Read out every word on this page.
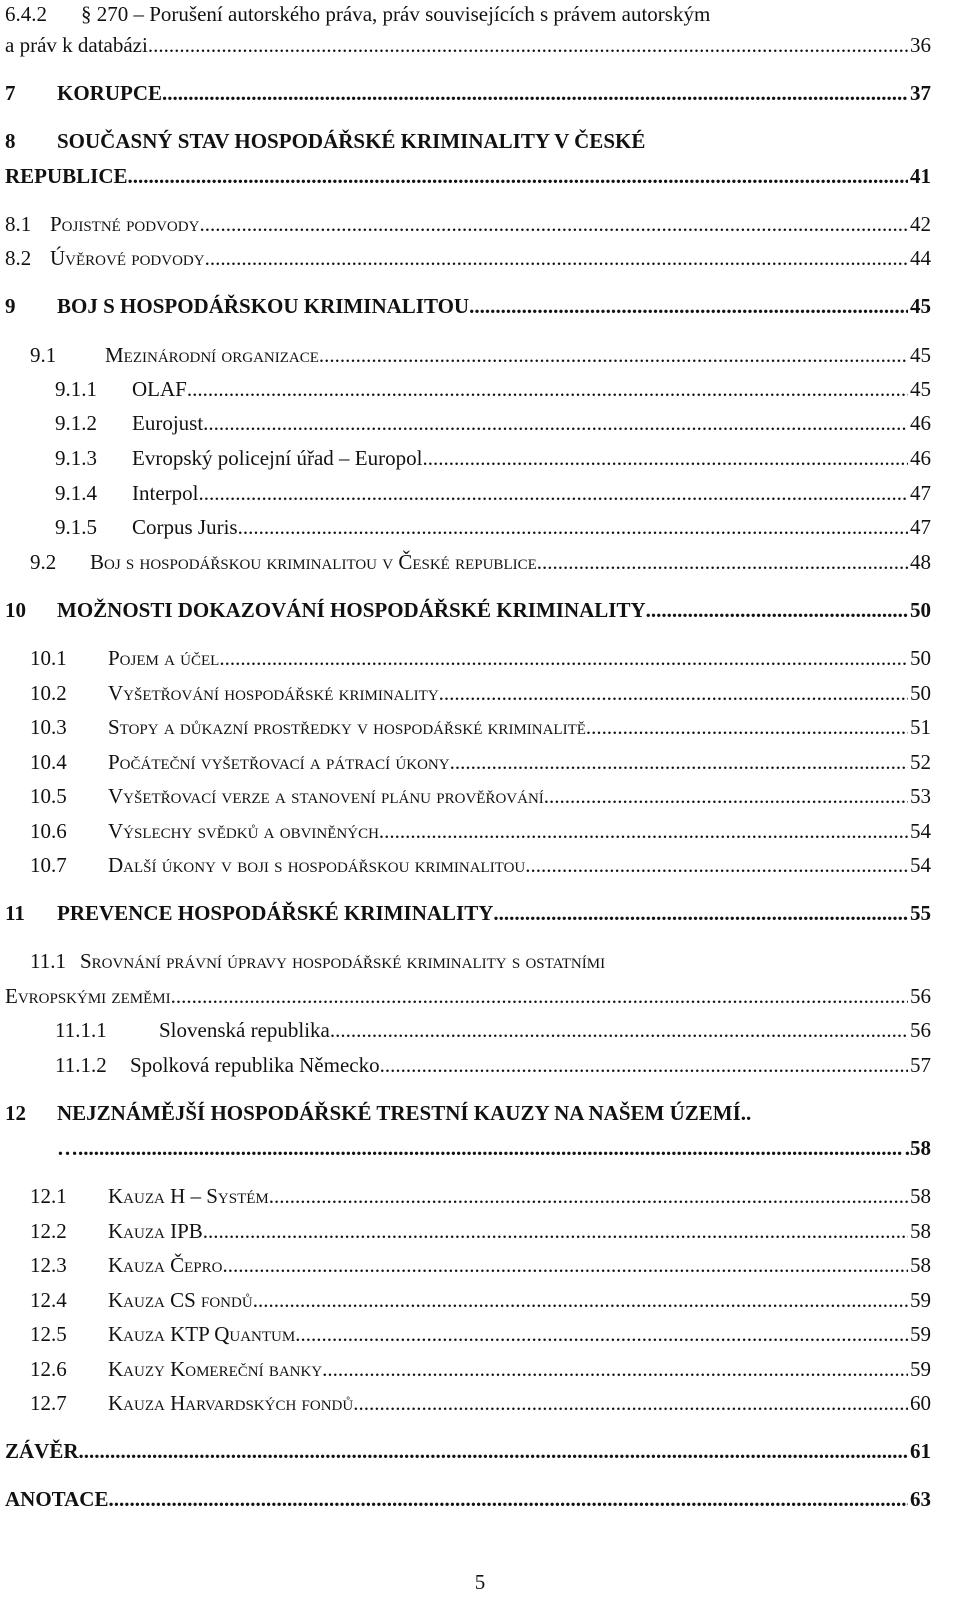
6.4.2	§ 270 – Porušení autorského práva, práv souvisejících s právem autorským
a práv k databázi .....	36
7	KORUPCE .....	37
8	SOUČASNÝ STAV HOSPODÁŘSKÉ KRIMINALITY V ČESKÉ
REPUBLICE .....	41
8.1 Pojistné podvody .....	42
8.2 Úvěrové podvody .....	44
9	BOJ S HOSPODÁŘSKOU KRIMINALITOU .....	45
9.1	Mezinárodní organizace .....	45
9.1.1	OLAF .....	45
9.1.2	Eurojust .....	46
9.1.3	Evropský policejní úřad – Europol .....	46
9.1.4	Interpol .....	47
9.1.5	Corpus Juris .....	47
9.2	Boj s hospodářskou kriminalitou v České republice .....	48
10	MOŽNOSTI DOKAZOVÁNÍ HOSPODÁŘSKÉ KRIMINALITY .....	50
10.1	Pojem a účel .....	50
10.2	Vyšetřování hospodářské kriminality .....	50
10.3	Stopy a důkazní prostředky v hospodářské kriminalitě .....	51
10.4	Počáteční vyšetřovací a pátrací úkony .....	52
10.5	Vyšetřovací verze a stanovení plánu prověřování .....	53
10.6	Výslechy svědků a obviněných .....	54
10.7	Další úkony v boji s hospodářskou kriminalitou .....	54
11	PREVENCE HOSPODÁŘSKÉ KRIMINALITY .....	55
11.1 Srovnání právní úpravy hospodářské kriminality s ostatními
Evropskými zeměmi .....	56
11.1.1	Slovenská republika .....	56
11.1.2	Spolková republika Německo .....	57
12	NEJZNÁMĚJŠÍ HOSPODÁŘSKÉ TRESTNÍ KAUZY NA NAŠEM ÚZEMÍ..
… .....	.58
12.1	Kauza H – Systém .....	58
12.2	Kauza IPB .....	58
12.3	Kauza Čepro .....	58
12.4	Kauza CS fondů .....	59
12.5	Kauza KTP Quantum .....	59
12.6	Kauzy Komereční banky .....	59
12.7	Kauza Harvardských fondů .....	60
ZÁVĚR .....	61
ANOTACE .....	63
5
